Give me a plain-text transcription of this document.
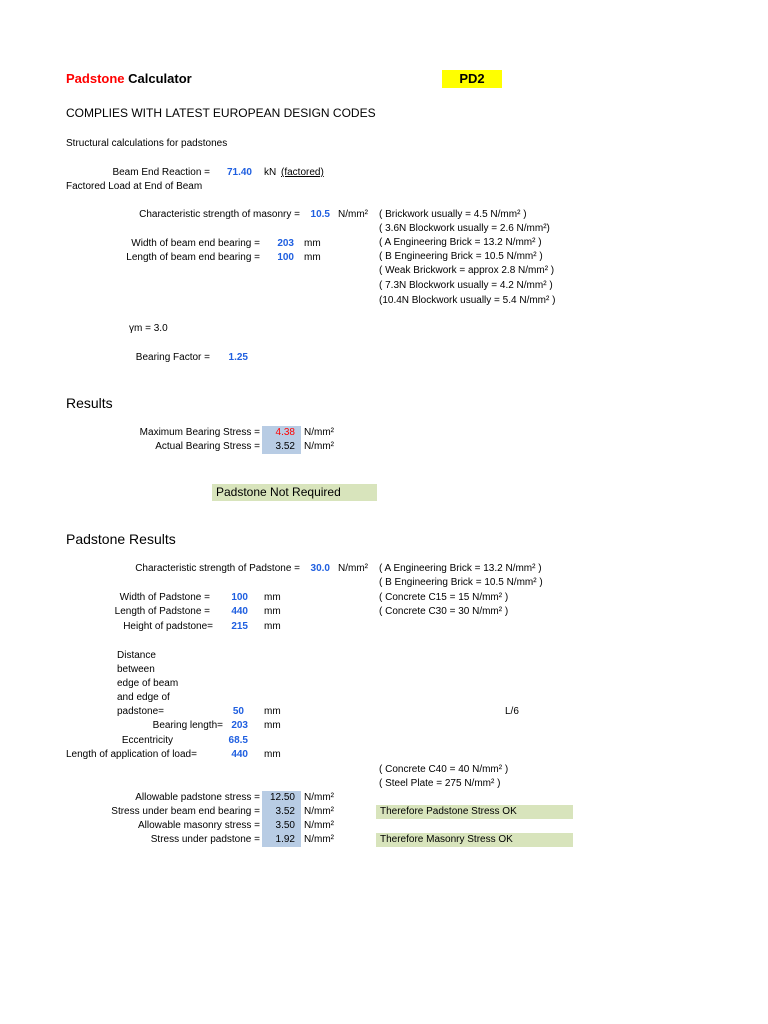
Padstone Calculator	PD2
COMPLIES WITH LATEST EUROPEAN DESIGN CODES
Structural calculations for padstones
Beam End Reaction =	71.40 kN (factored)
Factored Load at End of Beam
Characteristic strength of masonry =	10.5 N/mm² ( Brickwork usually = 4.5 N/mm² )
( 3.6N Blockwork usually = 2.6 N/mm²)
( A Engineering Brick = 13.2 N/mm² )
( B Engineering Brick = 10.5 N/mm² )
( Weak Brickwork = approx 2.8 N/mm² )
( 7.3N Blockwork usually = 4.2 N/mm² )
(10.4N Blockwork usually = 5.4 N/mm² )
Width of beam end bearing =	203 mm
Length of beam end bearing =	100 mm
γm = 3.0
Bearing Factor =	1.25
Results
Maximum Bearing Stress =	4.38 N/mm²
Actual Bearing Stress =	3.52 N/mm²
Padstone Not Required
Padstone Results
Characteristic strength of Padstone =	30.0 N/mm² ( A Engineering Brick = 13.2 N/mm² )
( B Engineering Brick = 10.5 N/mm² )
( Concrete C15 = 15 N/mm² )
( Concrete C30 = 30 N/mm² )
Width of Padstone =	100 mm
Length of Padstone =	440 mm
Height of padstone=	215 mm
Distance
between
edge of beam
and edge of
padstone=	50 mm	L/6
Bearing length= 203 mm
Eccentricity	68.5
Length of application of load=	440 mm
( Concrete C40 = 40 N/mm² )
( Steel Plate = 275 N/mm² )
Allowable padstone stress = 12.50 N/mm²
Stress under beam end bearing =	3.52 N/mm²	Therefore Padstone Stress OK
Allowable masonry stress =	3.50 N/mm²
Stress under padstone =	1.92 N/mm²	Therefore Masonry Stress OK
